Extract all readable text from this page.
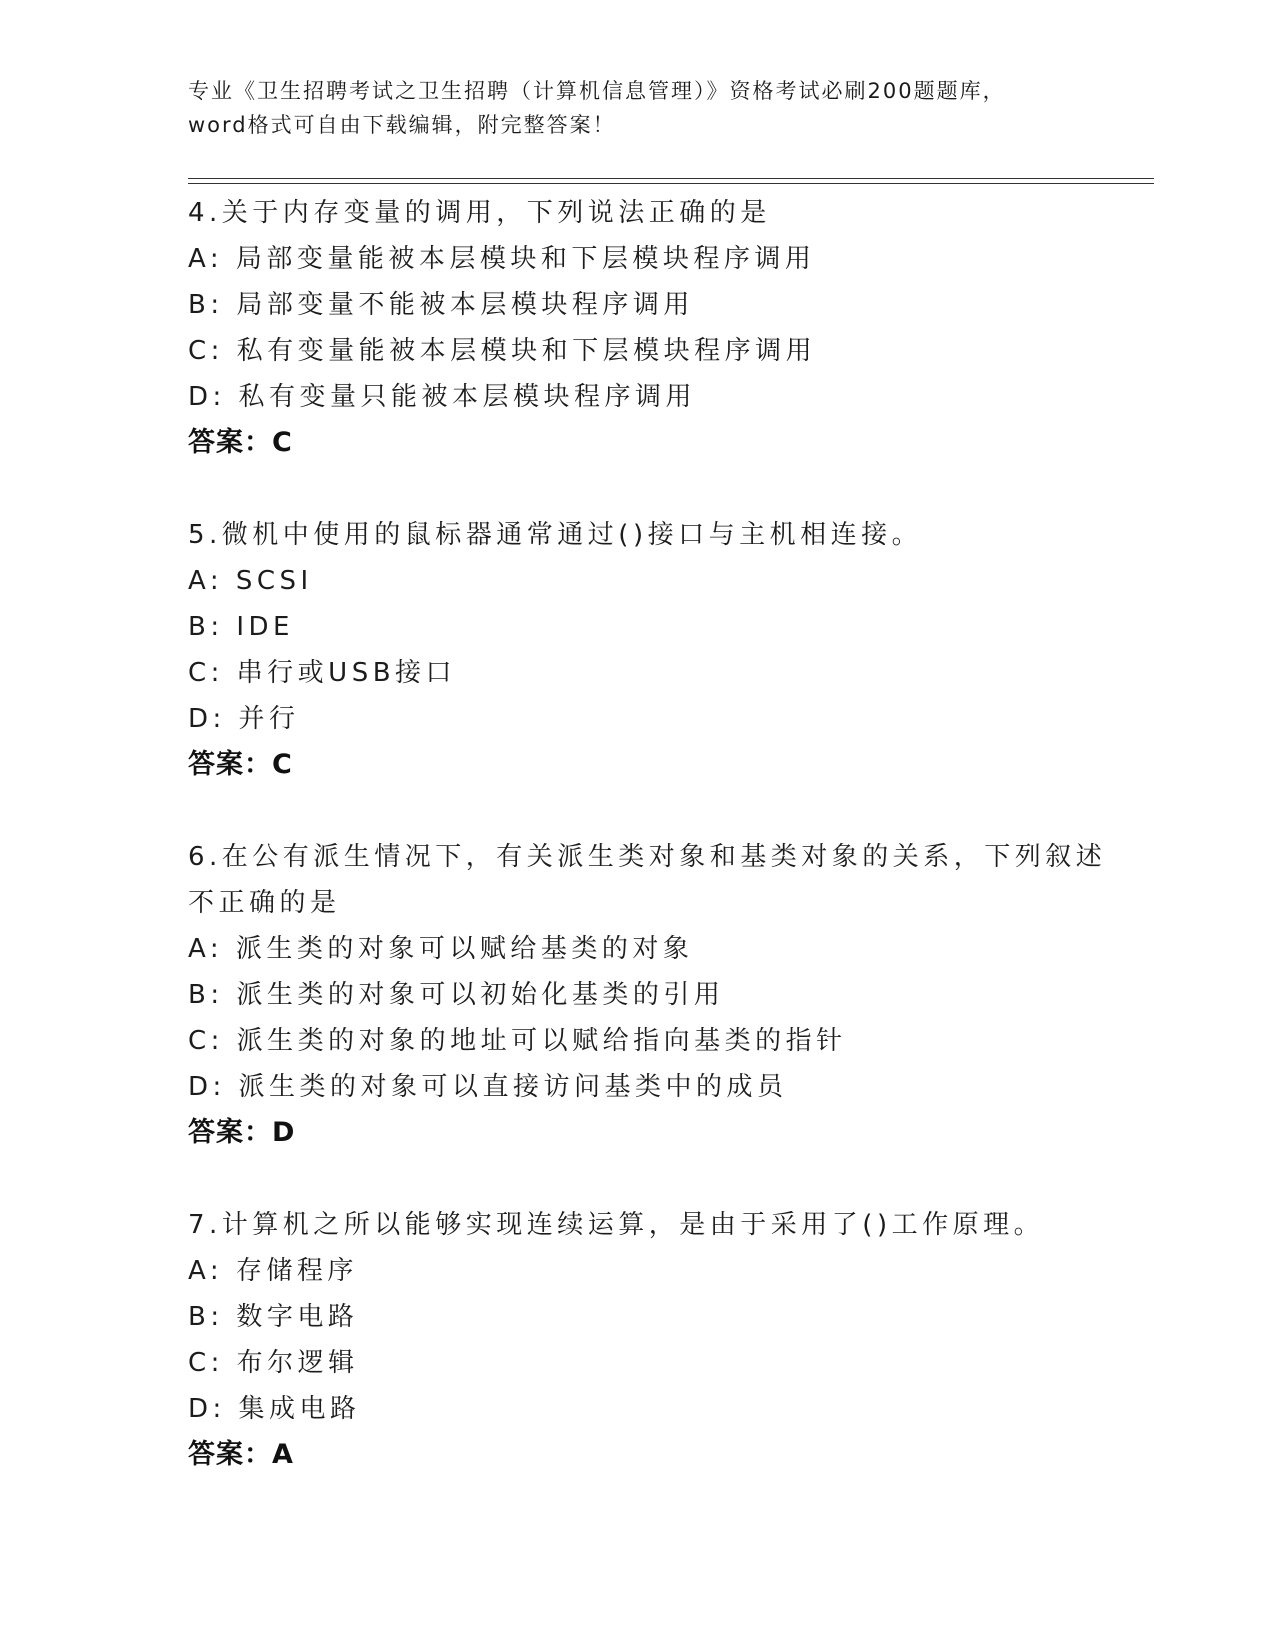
专业《卫生招聘考试之卫生招聘（计算机信息管理）》资格考试必刷200题题库，
word格式可自由下载编辑，附完整答案！
4.关于内存变量的调用，下列说法正确的是
A: 局部变量能被本层模块和下层模块程序调用
B: 局部变量不能被本层模块程序调用
C: 私有变量能被本层模块和下层模块程序调用
D: 私有变量只能被本层模块程序调用
答案：C
5.微机中使用的鼠标器通常通过()接口与主机相连接。
A: SCSI
B: IDE
C: 串行或USB接口
D: 并行
答案：C
6.在公有派生情况下，有关派生类对象和基类对象的关系，下列叙述
不正确的是
A: 派生类的对象可以赋给基类的对象
B: 派生类的对象可以初始化基类的引用
C: 派生类的对象的地址可以赋给指向基类的指针
D: 派生类的对象可以直接访问基类中的成员
答案：D
7.计算机之所以能够实现连续运算，是由于采用了()工作原理。
A: 存储程序
B: 数字电路
C: 布尔逻辑
D: 集成电路
答案：A
